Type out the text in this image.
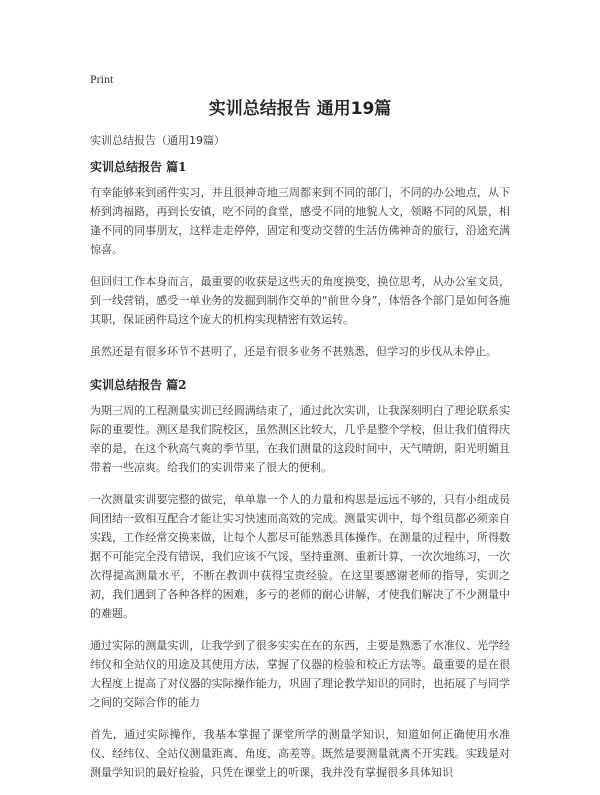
Print
实训总结报告 通用19篇

实训总结报告（通用19篇）

实训总结报告 篇1

有幸能够来到函件实习，并且很神奇地三周都来到不同的部门，不同的办公地点，从下桥到鸿福路，再到长安镇，吃不同的食堂，感受不同的地貌人文，领略不同的风景，相逢不同的同事朋友，这样走走停停，固定和变动交替的生活仿佛神奇的旅行，沿途充满惊喜。

但回归工作本身而言，最重要的收获是这些天的角度换变，换位思考，从办公室文员，到一线营销，感受一单业务的发掘到制作交单的“前世今身”，体悟各个部门是如何各施其职，保证函件局这个庞大的机构实现精密有效运转。

虽然还是有很多环节不甚明了，还是有很多业务不甚熟悉，但学习的步伐从未停止。

实训总结报告 篇2

为期三周的工程测量实训已经圆满结束了，通过此次实训，让我深刻明白了理论联系实际的重要性。测区是我们院校区，虽然测区比较大，几乎是整个学校，但让我们值得庆幸的是，在这个秋高气爽的季节里，在我们测量的这段时间中，天气晴朗，阳光明媚且带着一些凉爽。给我们的实训带来了很大的便利。

一次测量实训要完整的做完，单单靠一个人的力量和构思是远远不够的，只有小组成员间团结一致相互配合才能让实习快速而高效的完成。测量实训中，每个组员都必须亲自实践，工作经常交换来做，让每个人都尽可能熟悉具体操作。在测量的过程中，所得数据不可能完全没有错误，我们应该不气馁，坚持重测、重新计算，一次次地练习，一次次得提高测量水平，不断在教训中获得宝贵经验。在这里要感谢老师的指导，实训之初，我们遇到了各种各样的困难，多亏的老师的耐心讲解，才使我们解决了不少测量中的难题。

通过实际的测量实训，让我学到了很多实实在在的东西，主要是熟悉了水准仪、光学经纬仪和全站仪的用途及其使用方法，掌握了仪器的检验和校正方法等。最重要的是在很大程度上提高了对仪器的实际操作能力，巩固了理论教学知识的同时，也拓展了与同学之间的交际合作的能力

首先，通过实际操作，我基本掌握了课堂所学的测量学知识，知道如何正确使用水准仪、经纬仪、全站仪测量距离、角度、高差等。既然是要测量就离不开实践。实践是对测量学知识的最好检验，只凭在课堂上的听课，我并没有掌握很多具体知识
